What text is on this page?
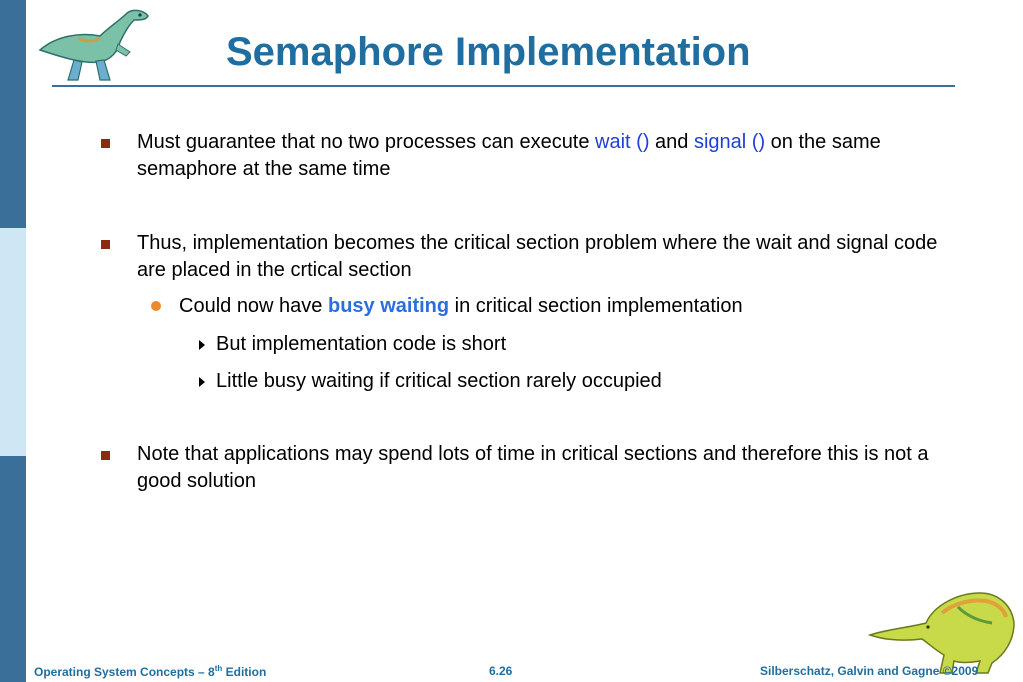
Semaphore Implementation
Must guarantee that no two processes can execute wait () and signal () on the same semaphore at the same time
Thus, implementation becomes the critical section problem where the wait and signal code are placed in the crtical section
Could now have busy waiting in critical section implementation
But implementation code is short
Little busy waiting if critical section rarely occupied
Note that applications may spend lots of time in critical sections and therefore this is not a good solution
Operating System Concepts – 8th Edition	6.26	Silberschatz, Galvin and Gagne ©2009
